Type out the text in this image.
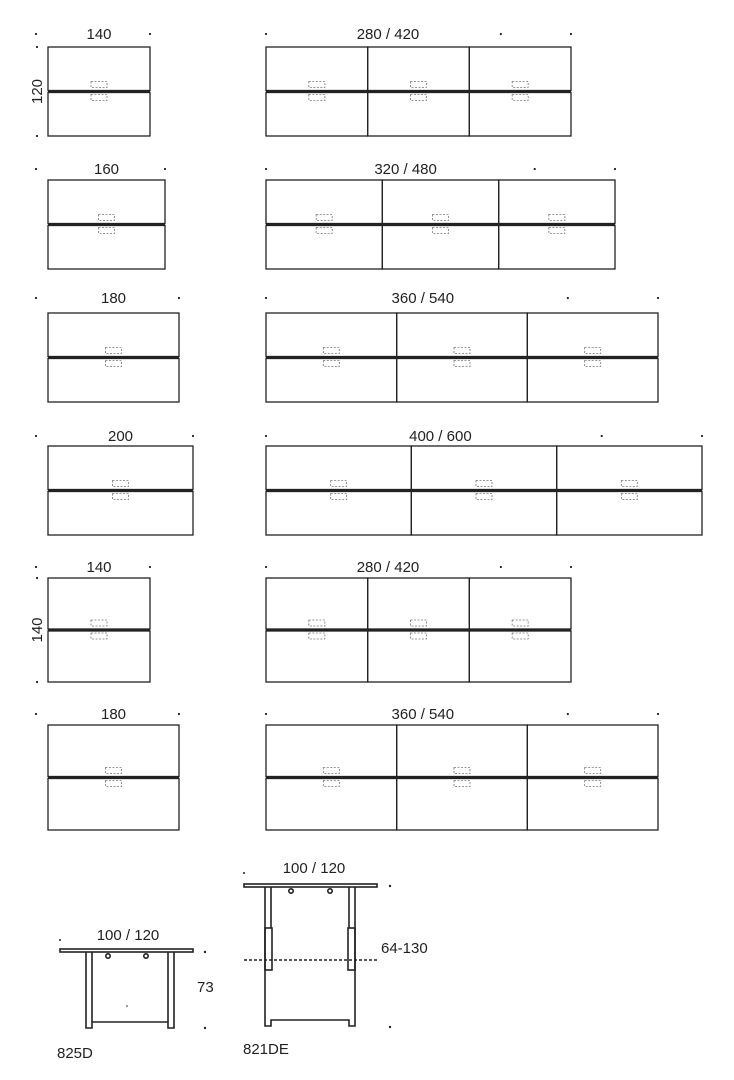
140	280 / 420
120
160	320 / 480
180	360 / 540
200	400 / 600
140	280 / 420
140
180	360 / 540
100 / 120
73
825D
100 / 120
64-130
821DE
